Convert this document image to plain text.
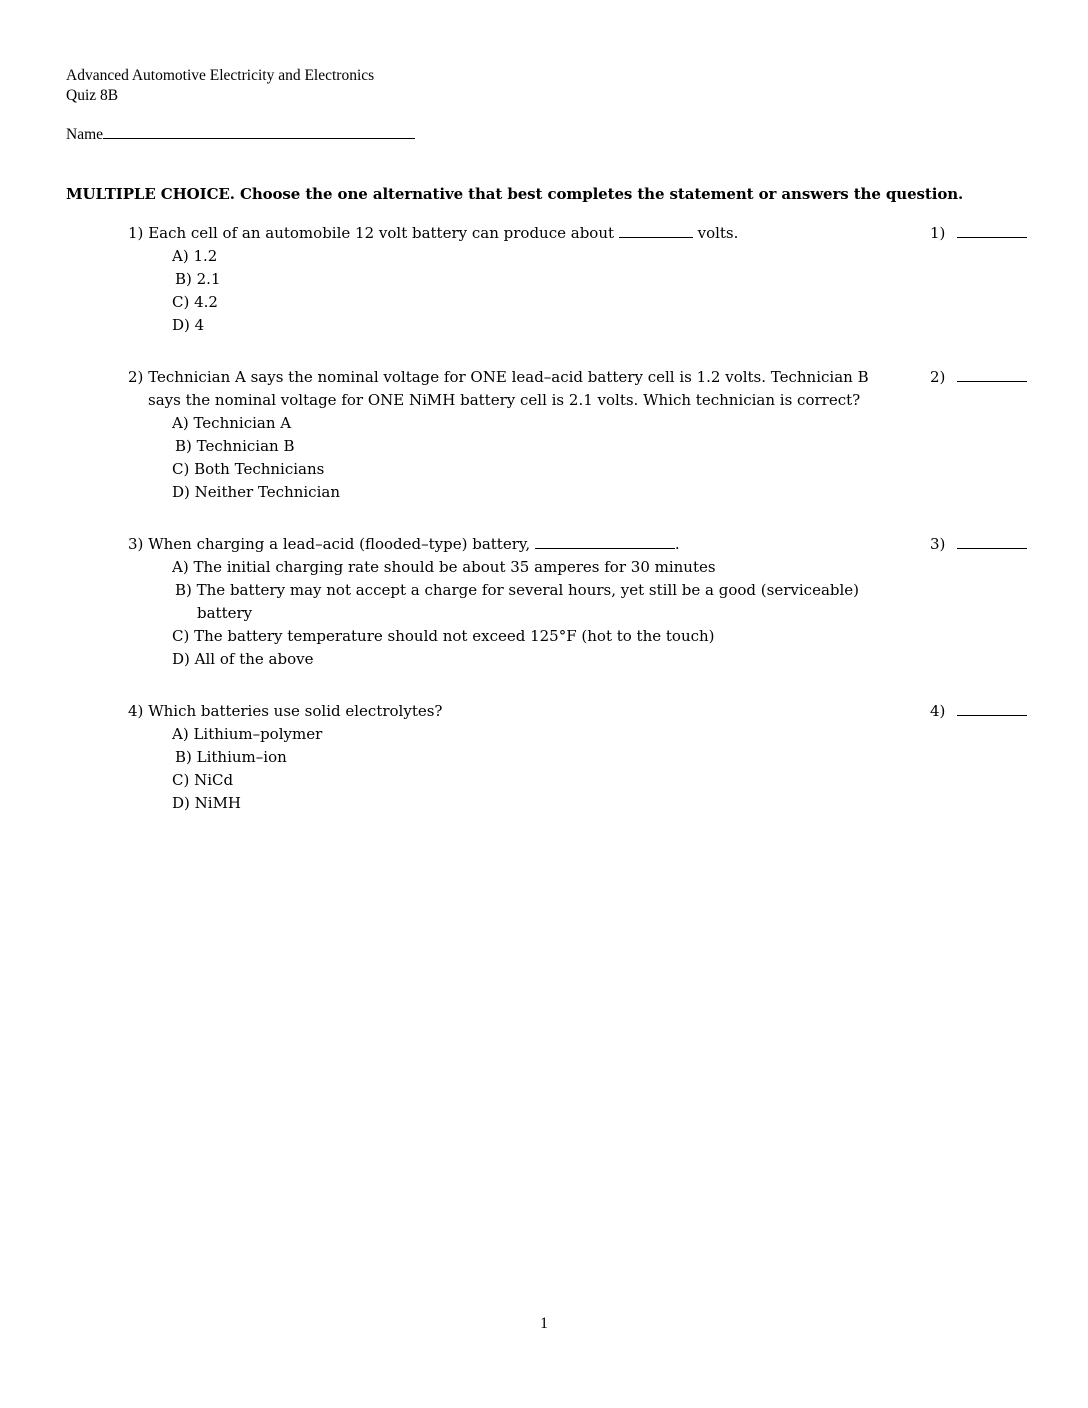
Advanced Automotive Electricity and Electronics
Quiz 8B
Name
MULTIPLE CHOICE. Choose the one alternative that best completes the statement or answers the question.
1) Each cell of an automobile 12 volt battery can produce about	volts.
A) 1.2
B) 2.1
C) 4.2
D) 4
1)
2) Technician A says the nominal voltage for ONE lead–acid battery cell is 1.2 volts. Technician B
says the nominal voltage for ONE NiMH battery cell is 2.1 volts. Which technician is correct?
A) Technician A
B) Technician B
C) Both Technicians
D) Neither Technician
2)
3) When charging a lead–acid (flooded–type) battery,	.
A) The initial charging rate should be about 35 amperes for 30 minutes
B) The battery may not accept a charge for several hours, yet still be a good (serviceable)
battery
C) The battery temperature should not exceed 125°F (hot to the touch)
D) All of the above
3)
4) Which batteries use solid electrolytes?
A) Lithium–polymer
B) Lithium–ion
C) NiCd
D) NiMH
4)
1
